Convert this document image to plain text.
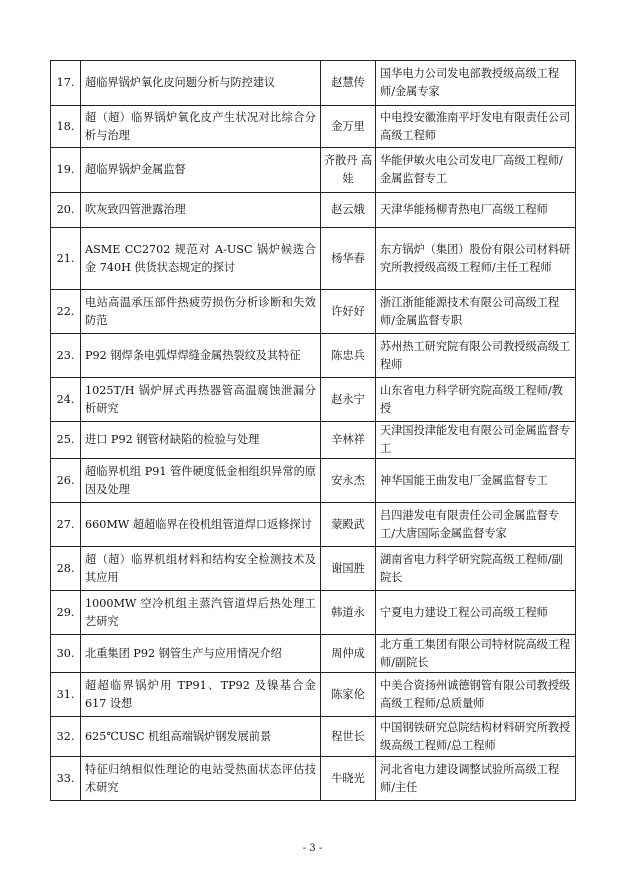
17.	超临界锅炉氧化皮问题分析与防控建议	赵慧传	国华电力公司发电部教授级高级工程师/金属专家
18.	超（超）临界锅炉氧化皮产生状况对比综合分析与治理	金万里	中电投安徽淮南平圩发电有限责任公司高级工程师
19.	超临界锅炉金属监督	齐散丹 高娃	华能伊敏火电公司发电厂高级工程师/金属监督专工
20.	吹灰致四管泄露治理	赵云娥	天津华能杨柳青热电厂高级工程师
21.	ASME CC2702 规范对 A-USC 锅炉候选合金 740H 供货状态规定的探讨	杨华春	东方锅炉（集团）股份有限公司材料研究所教授级高级工程师/主任工程师
22.	电站高温承压部件热疲劳损伤分析诊断和失效防范	许好好	浙江浙能能源技术有限公司高级工程师/金属监督专职
23.	P92 钢焊条电弧焊焊缝金属热裂纹及其特征	陈忠兵	苏州热工研究院有限公司教授级高级工程师
24.	1025T/H 锅炉屏式再热器管高温腐蚀泄漏分析研究	赵永宁	山东省电力科学研究院高级工程师/教授
25.	进口 P92 钢管材缺陷的检验与处理	辛林祥	天津国投津能发电有限公司金属监督专工
26.	超临界机组 P91 管件硬度低金相组织异常的原因及处理	安永杰	神华国能王曲发电厂金属监督专工
27.	660MW 超超临界在役机组管道焊口返修探讨	蒙殿武	吕四港发电有限责任公司金属监督专工/大唐国际金属监督专家
28.	超（超）临界机组材料和结构安全检测技术及其应用	谢国胜	湖南省电力科学研究院高级工程师/副院长
29.	1000MW 空冷机组主蒸汽管道焊后热处理工艺研究	韩道永	宁夏电力建设工程公司高级工程师
30.	北重集团 P92 钢管生产与应用情况介绍	周仲成	北方重工集团有限公司特材院高级工程师/副院长
31.	超超临界锅炉用 TP91、TP92 及镍基合金 617 设想	陈家伦	中美合资扬州诚德钢管有限公司教授级高级工程师/总质量师
32.	625℃USC 机组高端锅炉钢发展前景	程世长	中国钢铁研究总院结构材料研究所教授级高级工程师/总工程师
33.	特征归纳相似性理论的电站受热面状态评估技术研究	牛晓光	河北省电力建设调整试验所高级工程师/主任
- 3 -
